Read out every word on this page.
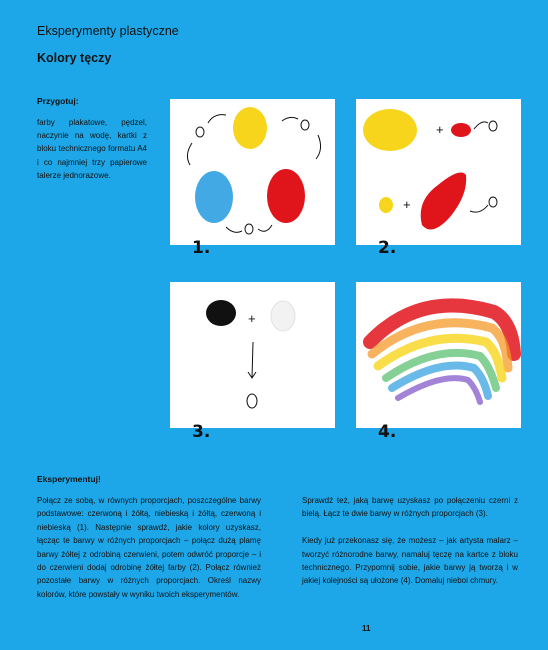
Eksperymenty plastyczne
Kolory tęczy
Przygotuj:
farby plakatowe, pędzel, naczynie na wodę, kartki z bloku technicznego formatu A4 i co najmniej trzy papierowe talerze jednorazowe.
1.
+
+
2.
+
3.	4.
Eksperymentuj!
Połącz ze sobą, w równych proporcjach, poszczególne barwy podstawowe: czerwoną i żółtą, niebieską i żółtą, czerwoną i niebieską (1). Następnie sprawdź, jakie kolory uzyskasz, łącząc te barwy w różnych proporcjach – połącz dużą plamę barwy żółtej z odrobiną czerwieni, potem odwróć proporcje – i do czerwieni dodaj odrobinę żółtej farby (2). Połącz również pozostałe barwy w różnych proporcjach. Określ nazwy kolorów, które powstały w wyniku twoich eksperymentów.

Sprawdź też, jaką barwę uzyskasz po połączeniu czerni z bielą. Łącz te dwie barwy w różnych proporcjach (3).

Kiedy już przekonasz się, że możesz – jak artysta malarz – tworzyć różnorodne barwy, namaluj tęczę na kartce z bloku technicznego. Przypomnij sobie, jakie barwy ją tworzą i w jakiej kolejności są ułożone (4). Domaluj nieboi chmury.

11
